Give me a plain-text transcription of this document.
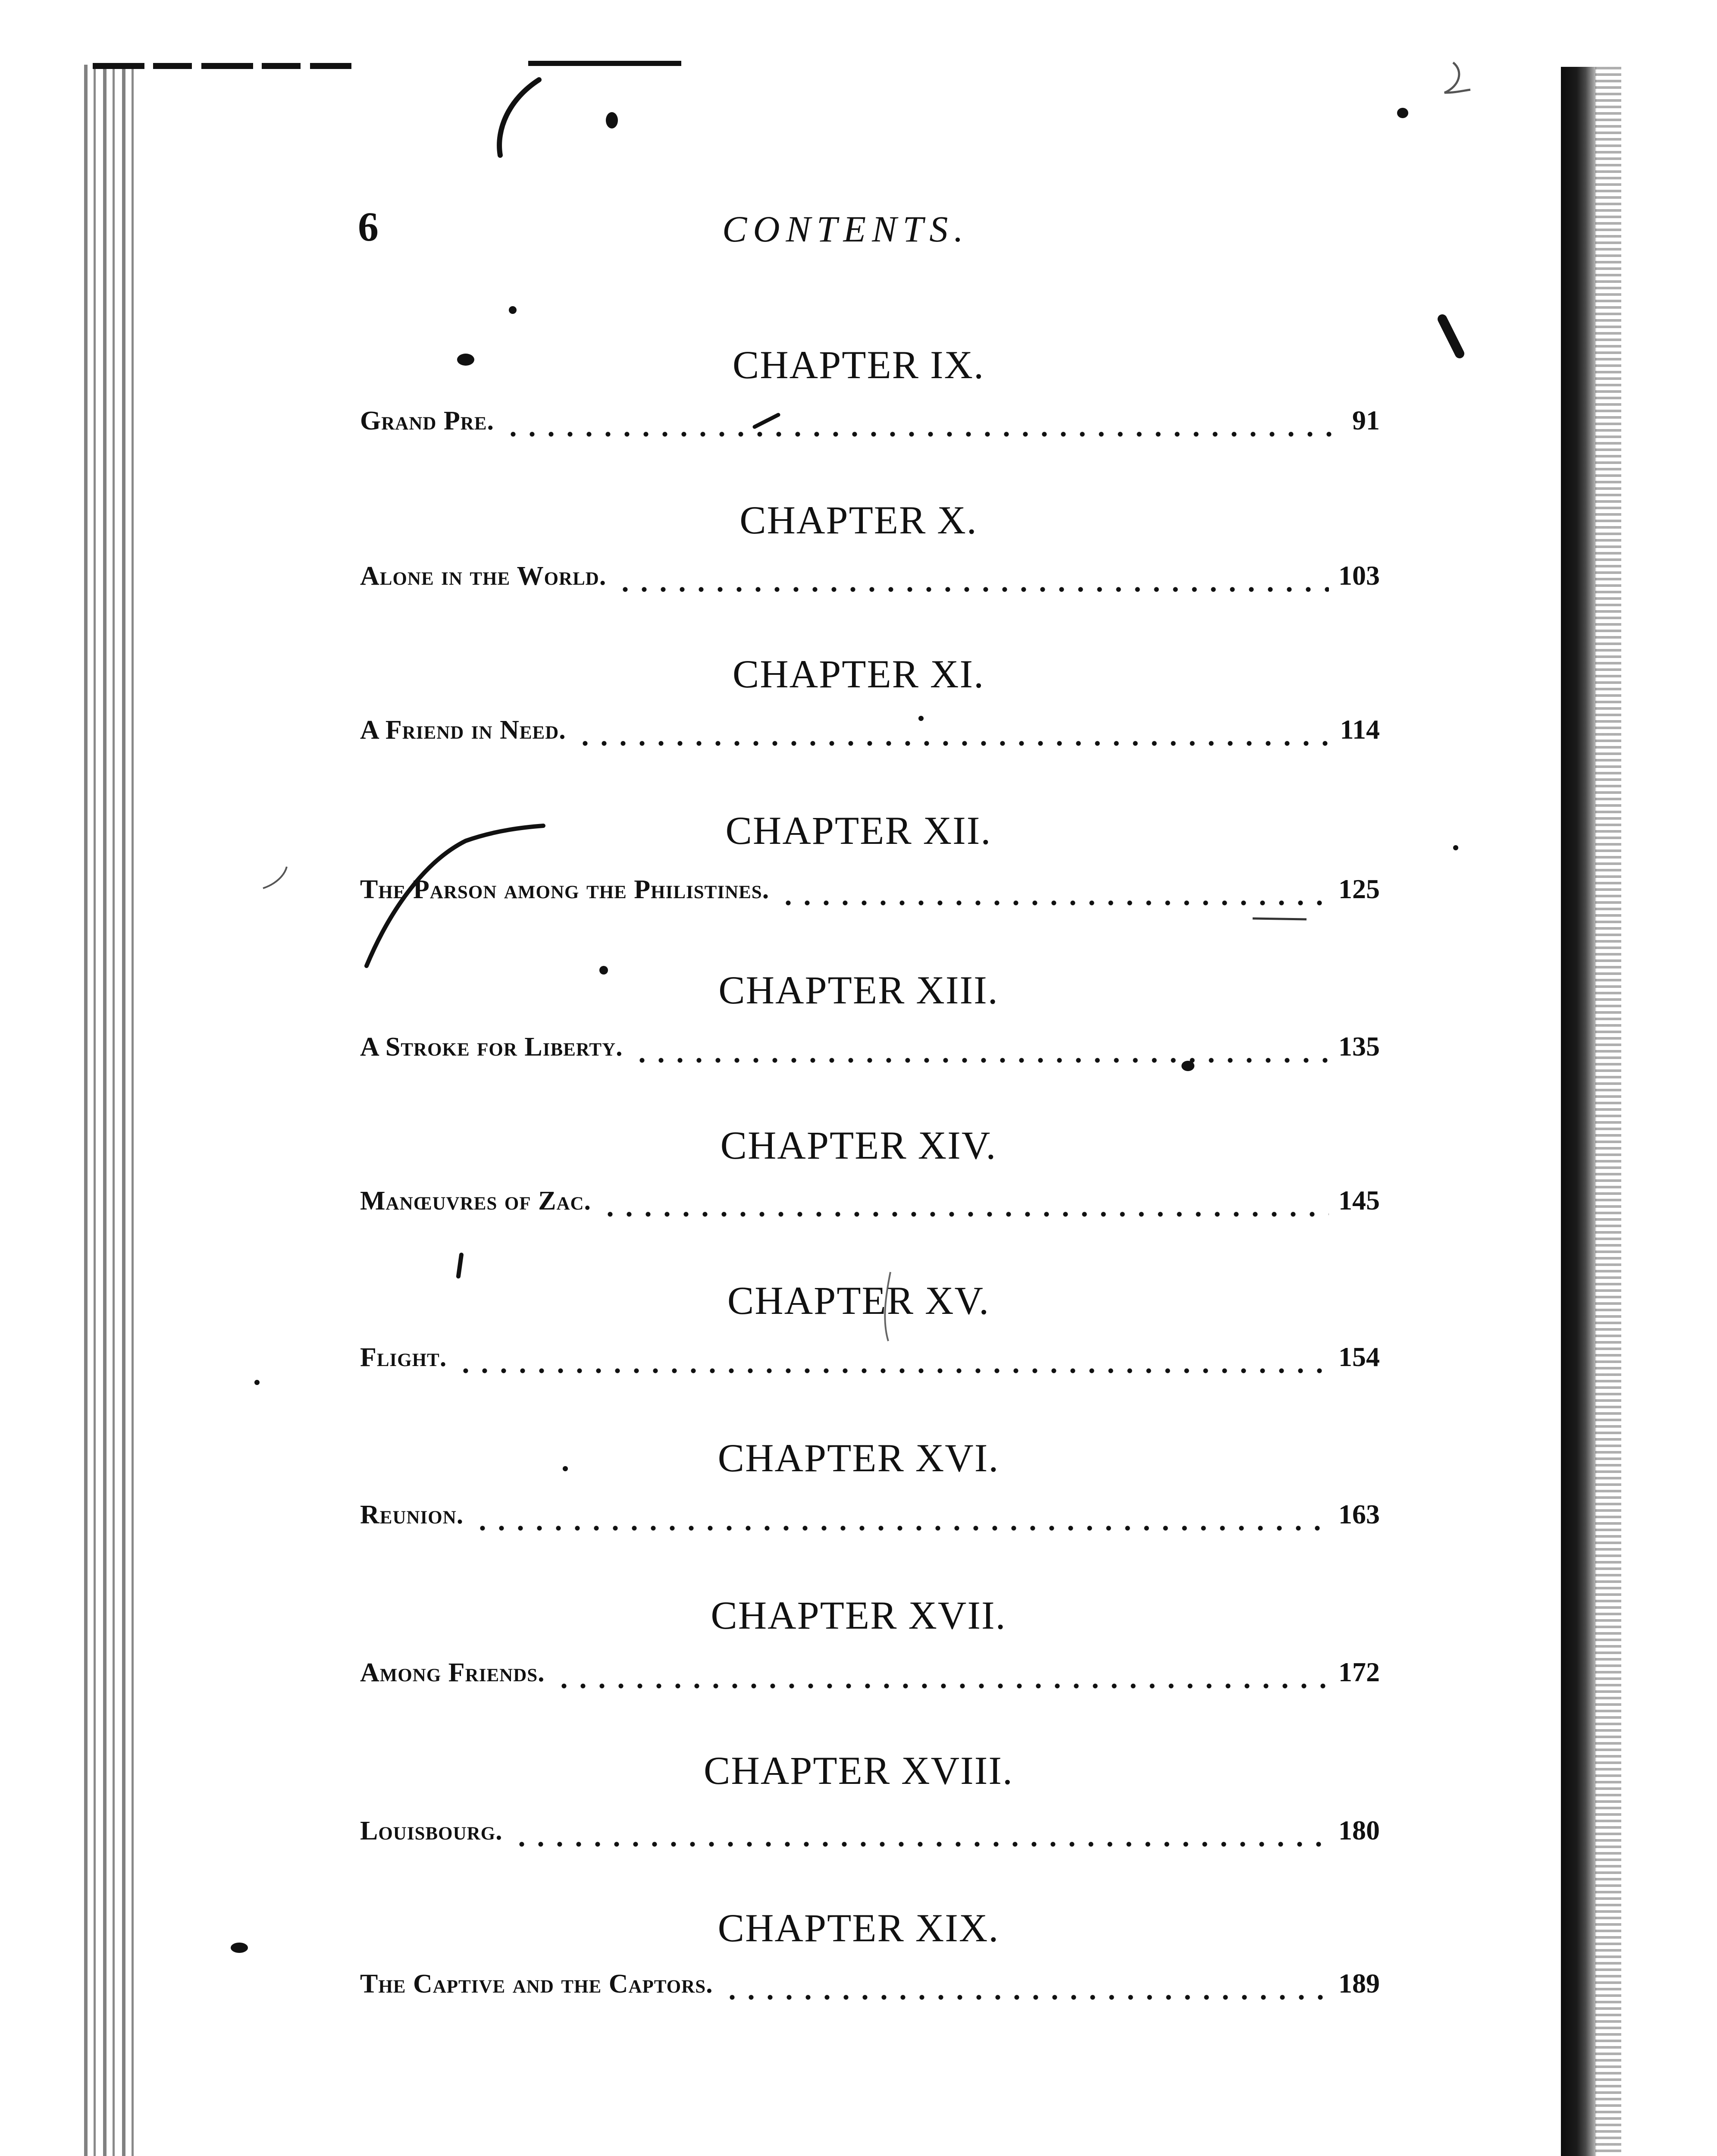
6	CONTENTS.
CHAPTER IX.
Grand Pre.	91
CHAPTER X.
Alone in the World.	103
CHAPTER XI.
A Friend in Need.	114
CHAPTER XII.
The Parson among the Philistines.	125
CHAPTER XIII.
A Stroke for Liberty.	135
CHAPTER XIV.
Manœuvres of Zac.	145
CHAPTER XV.
Flight.	154
CHAPTER XVI.
Reunion.	163
CHAPTER XVII.
Among Friends.	172
CHAPTER XVIII.
Louisbourg.	180
CHAPTER XIX.
The Captive and the Captors.	189
